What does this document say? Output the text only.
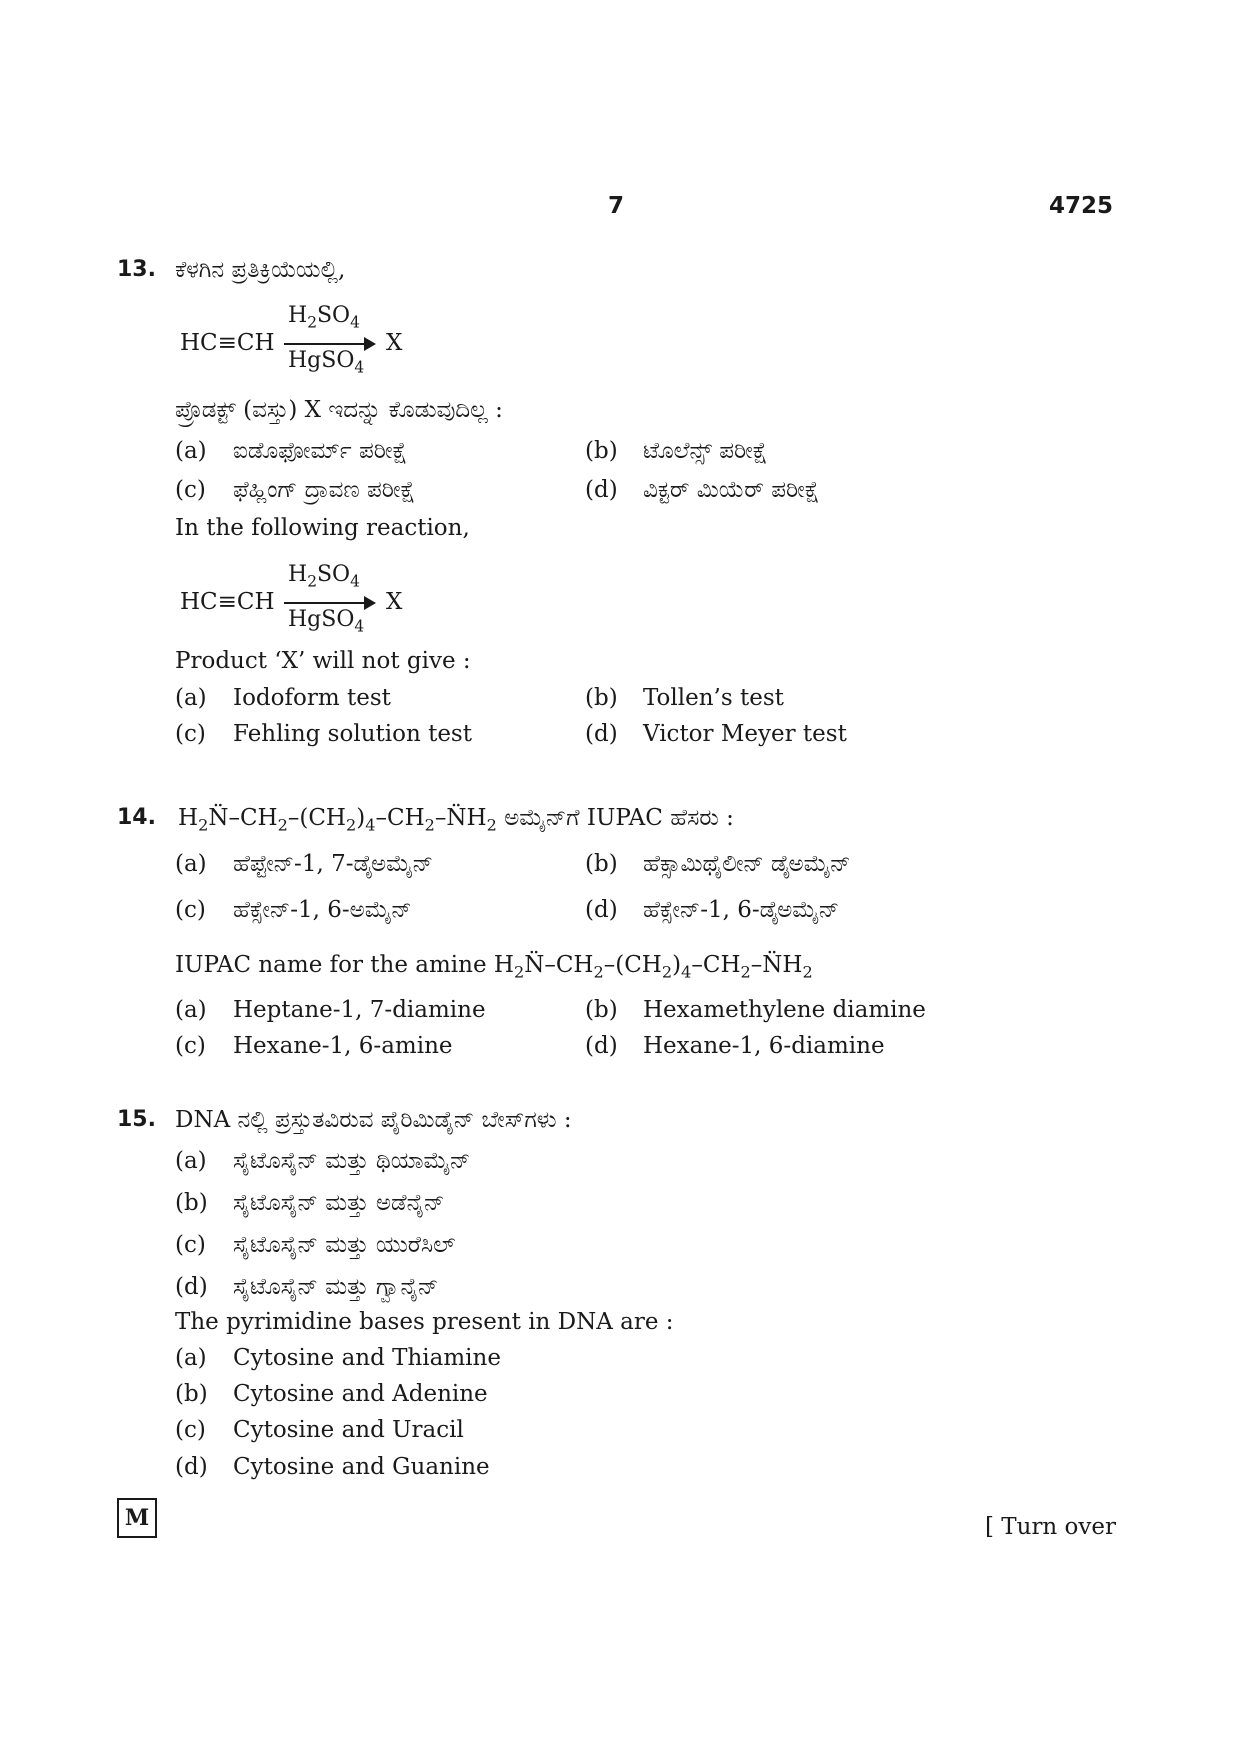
7	4725
13. ಕೆಳಗಿನ ಪ್ರತಿಕ್ರಿಯೆಯಲ್ಲಿ,
HC≡CH
$H_2SO_4$
HgSO$_4$
X
ಪ್ರೊಡಕ್ಟ್ (ವಸ್ತು) X ಇದನ್ನು ಕೊಡುವುದಿಲ್ಲ :
(a) ಐಡೊಫೋರ್ಮ್ ಪರೀಕ್ಷೆ	(b) ಟೊಲೆನ್ಸ್ ಪರೀಕ್ಷೆ
(c) ಫೆಹ್ಲಿಂಗ್ ದ್ರಾವಣ ಪರೀಕ್ಷೆ	(d) ವಿಕ್ಟರ್ ಮಿಯೆರ್ ಪರೀಕ್ಷೆ
In the following reaction,
HC≡CH
$H_2SO_4$
HgSO$_4$
X
Product ‘X’ will not give :
(a) Iodoform test	(b) Tollen’s test
(c) Fehling solution test	(d) Victor Meyer test
14. $H_2N̈-CH_2-(CH_2)_4-CH_2-N̈H_2$ ಅಮೈನ್‌ಗೆ IUPAC ಹೆಸರು :
(a) ಹೆಪ್ಟೇನ್-1, 7-ಡೈಅಮೈನ್	(b) ಹೆಕ್ಸಾಮಿಥೈಲೀನ್ ಡೈಅಮೈನ್
(c) ಹೆಕ್ಸೇನ್-1, 6-ಅಮೈನ್	(d) ಹೆಕ್ಸೇನ್-1, 6-ಡೈಅಮೈನ್
IUPAC name for the amine $H_2N̈-CH_2-(CH_2)_4-CH_2-N̈H_2$
(a) Heptane-1, 7-diamine	(b) Hexamethylene diamine
(c) Hexane-1, 6-amine	(d) Hexane-1, 6-diamine
15. DNA ನಲ್ಲಿ ಪ್ರಸ್ತುತವಿರುವ ಪೈರಿಮಿಡೈನ್ ಬೇಸ್‌ಗಳು :
(a) ಸೈಟೊಸೈನ್ ಮತ್ತು ಥಿಯಾಮೈನ್
(b) ಸೈಟೊಸೈನ್ ಮತ್ತು ಅಡೆನೈನ್
(c) ಸೈಟೊಸೈನ್ ಮತ್ತು ಯುರೆಸಿಲ್
(d) ಸೈಟೊಸೈನ್ ಮತ್ತು ಗ್ವಾನೈನ್
The pyrimidine bases present in DNA are :
(a) Cytosine and Thiamine
(b) Cytosine and Adenine
(c) Cytosine and Uracil
(d) Cytosine and Guanine
M	[ Turn over
